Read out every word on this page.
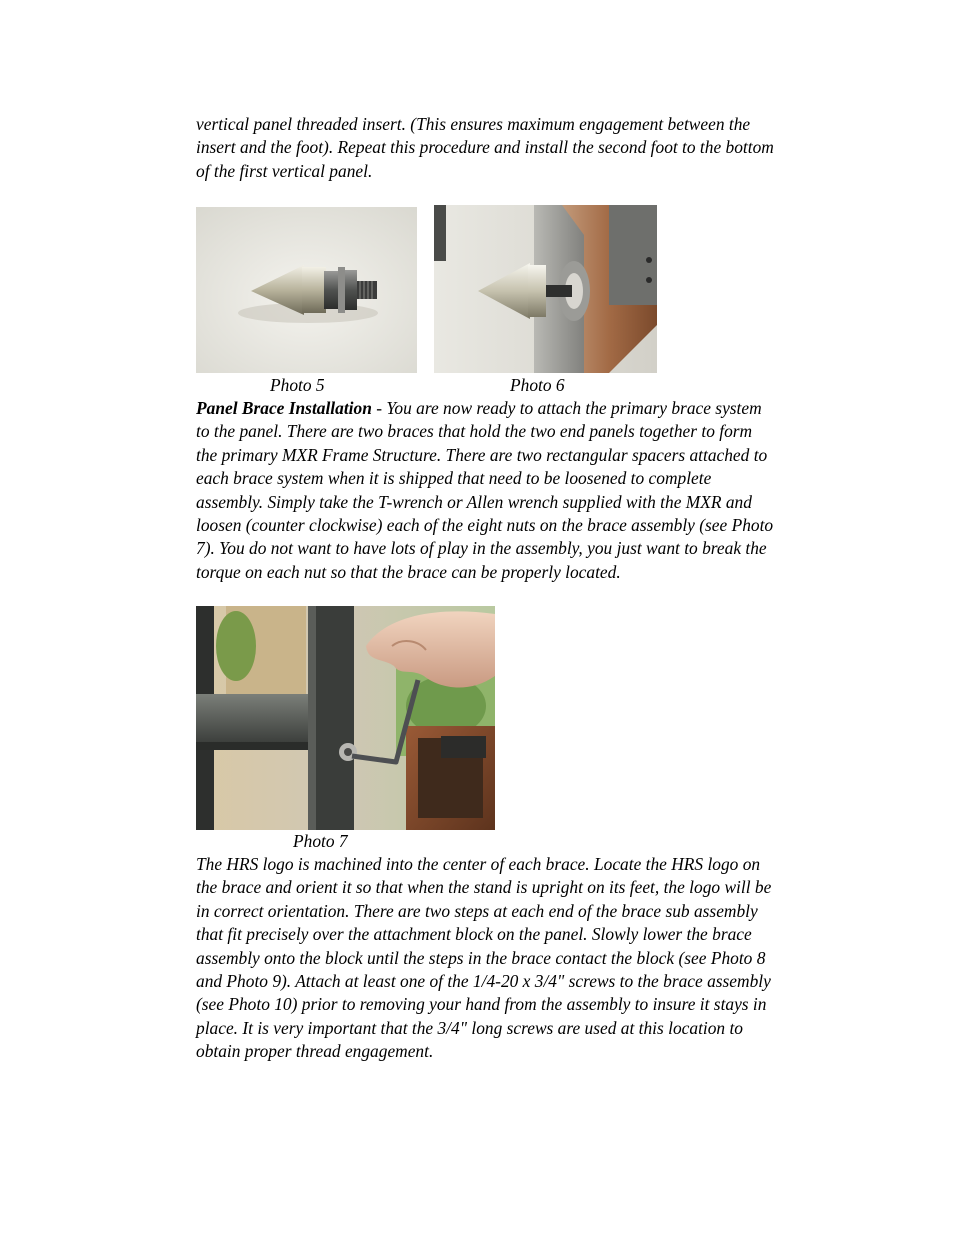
vertical panel threaded insert. (This ensures maximum engagement between the
insert and the foot). Repeat this procedure and install the second foot to the bottom
of the first vertical panel.

Photo 5	Photo 6

Panel Brace Installation - You are now ready to attach the primary brace system
to the panel. There are two braces that hold the two end panels together to form
the primary MXR Frame Structure. There are two rectangular spacers attached to
each brace system when it is shipped that need to be loosened to complete
assembly. Simply take the T-wrench or Allen wrench supplied with the MXR and
loosen (counter clockwise) each of the eight nuts on the brace assembly (see Photo
7). You do not want to have lots of play in the assembly, you just want to break the
torque on each nut so that the brace can be properly located.

Photo 7

The HRS logo is machined into the center of each brace. Locate the HRS logo on
the brace and orient it so that when the stand is upright on its feet, the logo will be
in correct orientation. There are two steps at each end of the brace sub assembly
that fit precisely over the attachment block on the panel. Slowly lower the brace
assembly onto the block until the steps in the brace contact the block (see Photo 8
and Photo 9). Attach at least one of the 1/4-20 x 3/4" screws to the brace assembly
(see Photo 10) prior to removing your hand from the assembly to insure it stays in
place. It is very important that the 3/4" long screws are used at this location to
obtain proper thread engagement.
